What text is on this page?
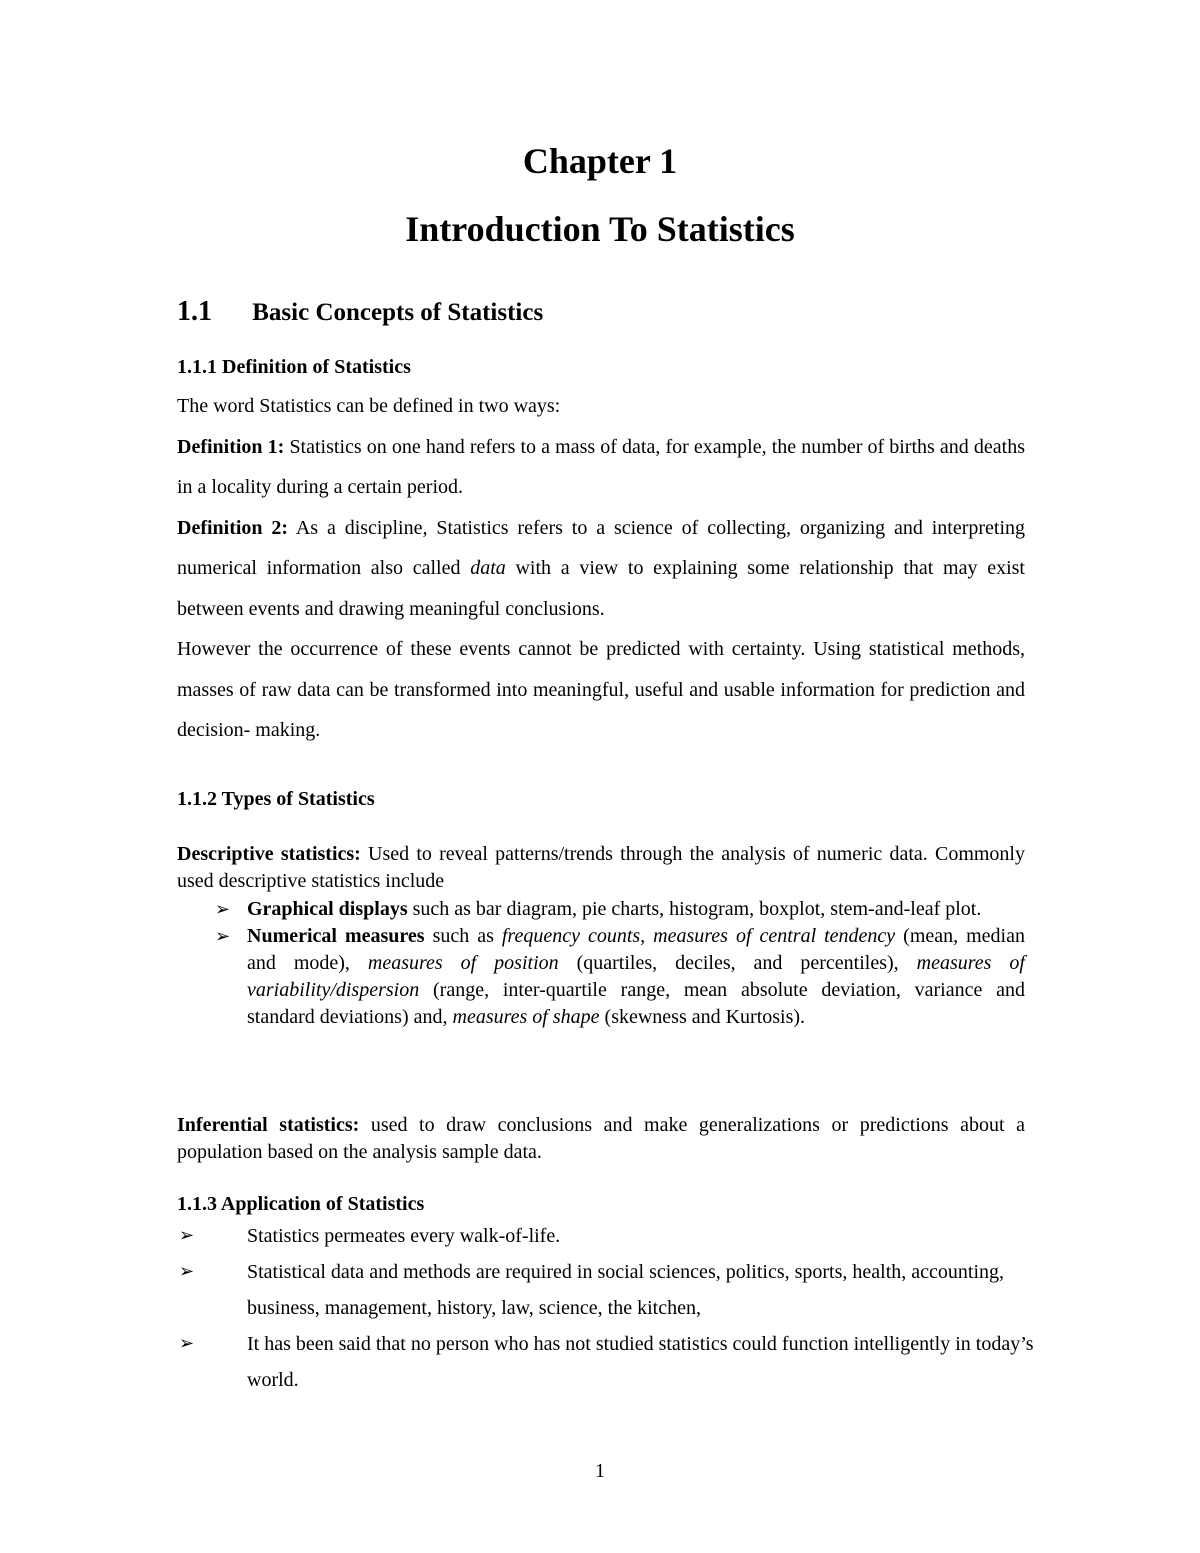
Chapter 1
Introduction To Statistics
1.1 Basic Concepts of Statistics
1.1.1 Definition of Statistics
The word Statistics can be defined in two ways:
Definition 1: Statistics on one hand refers to a mass of data, for example, the number of births and deaths in a locality during a certain period.
Definition 2: As a discipline, Statistics refers to a science of collecting, organizing and interpreting numerical information also called data with a view to explaining some relationship that may exist between events and drawing meaningful conclusions.
However the occurrence of these events cannot be predicted with certainty. Using statistical methods, masses of raw data can be transformed into meaningful, useful and usable information for prediction and decision- making.
1.1.2 Types of Statistics
Descriptive statistics: Used to reveal patterns/trends through the analysis of numeric data. Commonly used descriptive statistics include
➢ Graphical displays such as bar diagram, pie charts, histogram, boxplot, stem-and-leaf plot.
➢ Numerical measures such as frequency counts, measures of central tendency (mean, median and mode), measures of position (quartiles, deciles, and percentiles), measures of variability/dispersion (range, inter-quartile range, mean absolute deviation, variance and standard deviations) and, measures of shape (skewness and Kurtosis).
Inferential statistics: used to draw conclusions and make generalizations or predictions about a population based on the analysis sample data.
1.1.3 Application of Statistics
➢	Statistics permeates every walk-of-life.
➢	Statistical data and methods are required in social sciences, politics, sports, health, accounting, business, management, history, law, science, the kitchen,
➢	It has been said that no person who has not studied statistics could function intelligently in today’s world.
1
